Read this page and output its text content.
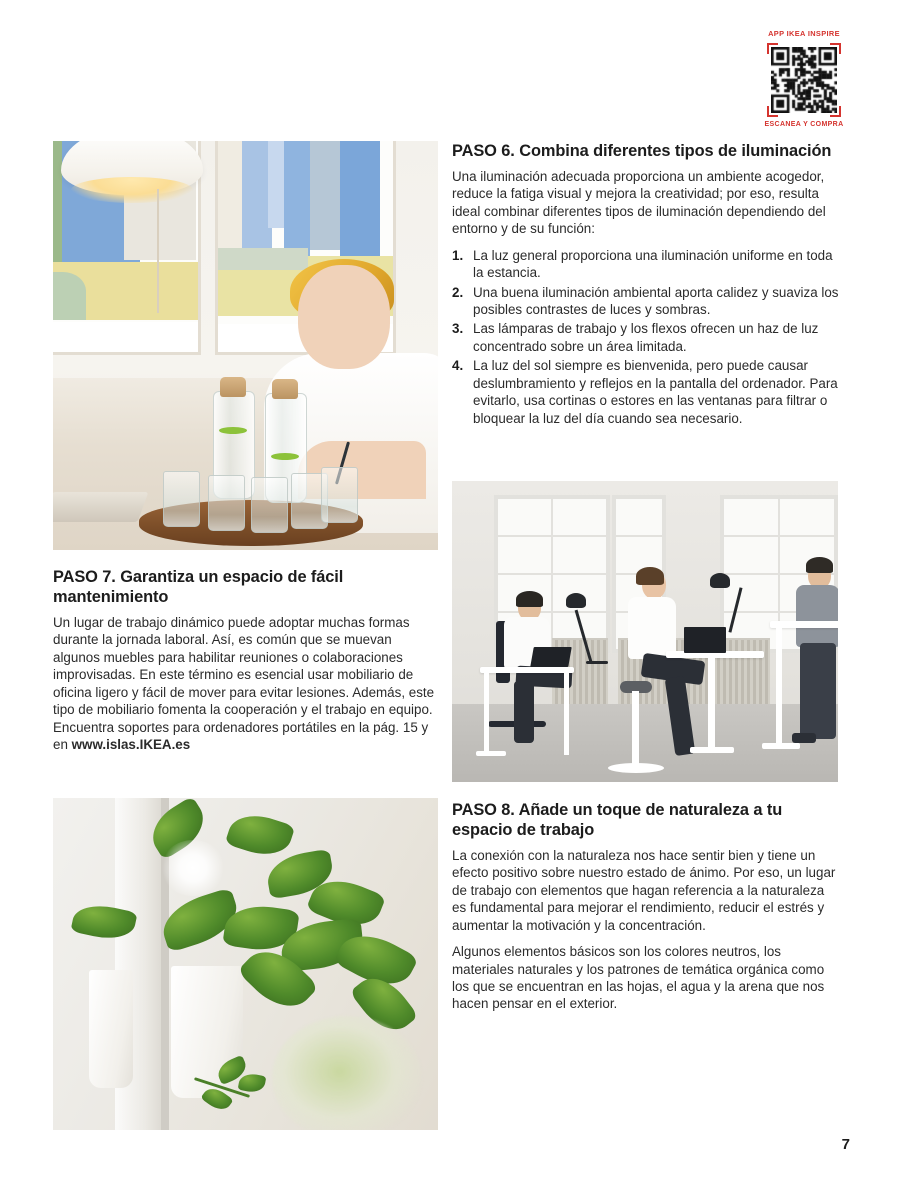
APP IKEA INSPIRE
ESCANEA Y COMPRA
PASO 6. Combina diferentes tipos de iluminación

Una iluminación adecuada proporciona un ambiente acogedor, reduce la fatiga visual y mejora la creatividad; por eso, resulta ideal combinar diferentes tipos de iluminación dependiendo del entorno y de su función:

La luz general proporciona una iluminación uniforme en toda la estancia.
Una buena iluminación ambiental aporta calidez y suaviza los posibles contrastes de luces y sombras.
Las lámparas de trabajo y los flexos ofrecen un haz de luz concentrado sobre un área limitada.
La luz del sol siempre es bienvenida, pero puede causar deslumbramiento y reflejos en la pantalla del ordenador. Para evitarlo, usa cortinas o estores en las ventanas para filtrar o bloquear la luz del día cuando sea necesario.
PASO 7. Garantiza un espacio de fácil mantenimiento

Un lugar de trabajo dinámico puede adoptar muchas formas durante la jornada laboral. Así, es común que se muevan algunos muebles para habilitar reuniones o colaboraciones improvisadas. En este término es esencial usar mobiliario de oficina ligero y fácil de mover para evitar lesiones. Además, este tipo de mobiliario fomenta la cooperación y el trabajo en equipo. Encuentra soportes para ordenadores portátiles en la pág. 15 y en www.islas.IKEA.es

PASO 8. Añade un toque de naturaleza a tu espacio de trabajo

La conexión con la naturaleza nos hace sentir bien y tiene un efecto positivo sobre nuestro estado de ánimo. Por eso, un lugar de trabajo con elementos que hagan referencia a la naturaleza es fundamental para mejorar el rendimiento, reducir el estrés y aumentar la motivación y la concentración.

Algunos elementos básicos son los colores neutros, los materiales naturales y los patrones de temática orgánica como los que se encuentran en las hojas, el agua y la arena que nos hacen pensar en el exterior.

7
